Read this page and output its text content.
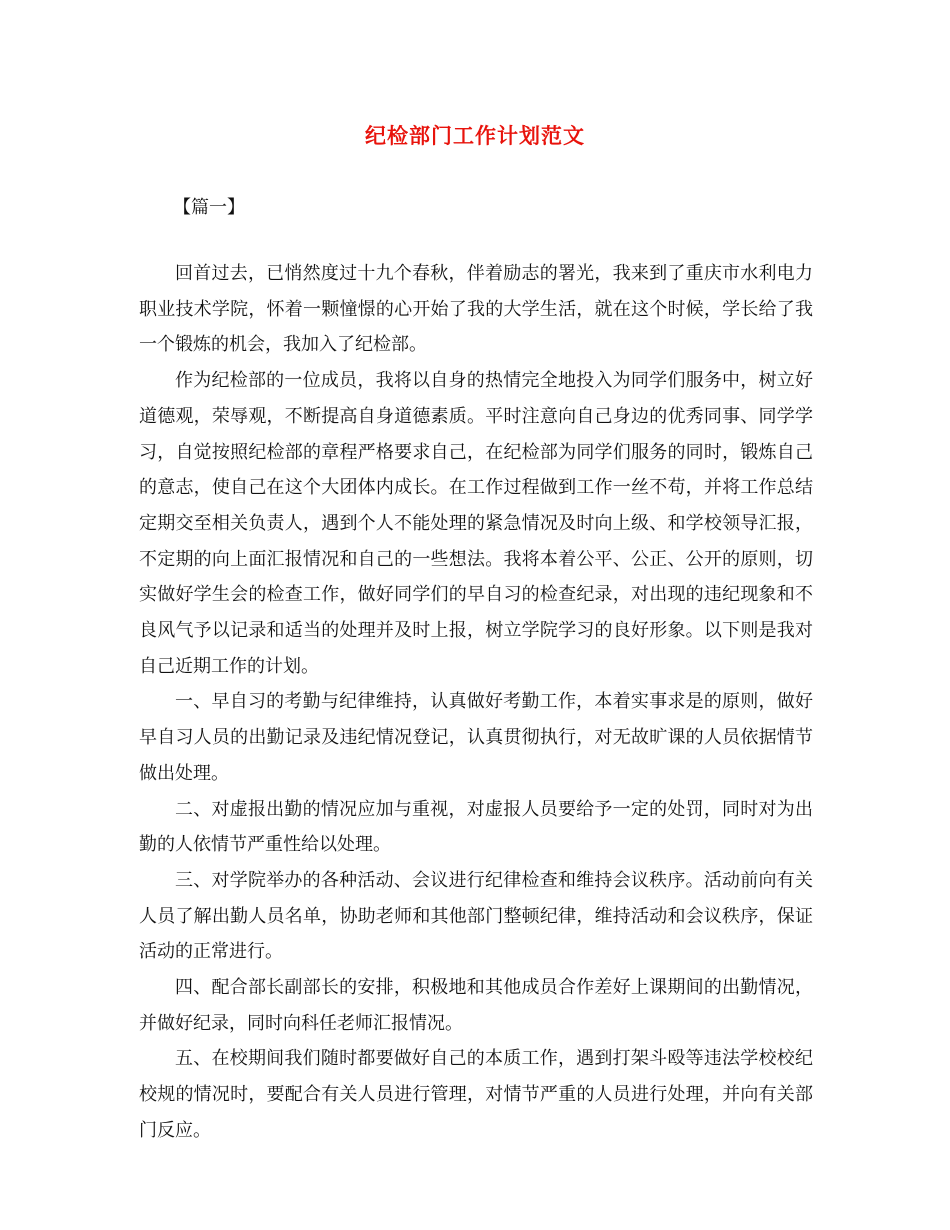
纪检部门工作计划范文
【篇一】

回首过去，已悄然度过十九个春秋，伴着励志的署光，我来到了重庆市水利电力职业技术学院，怀着一颗憧憬的心开始了我的大学生活，就在这个时候，学长给了我一个锻炼的机会，我加入了纪检部。

作为纪检部的一位成员，我将以自身的热情完全地投入为同学们服务中，树立好道德观，荣辱观，不断提高自身道德素质。平时注意向自己身边的优秀同事、同学学习，自觉按照纪检部的章程严格要求自己，在纪检部为同学们服务的同时，锻炼自己的意志，使自己在这个大团体内成长。在工作过程做到工作一丝不苟，并将工作总结定期交至相关负责人，遇到个人不能处理的紧急情况及时向上级、和学校领导汇报，不定期的向上面汇报情况和自己的一些想法。我将本着公平、公正、公开的原则，切实做好学生会的检查工作，做好同学们的早自习的检查纪录，对出现的违纪现象和不良风气予以记录和适当的处理并及时上报，树立学院学习的良好形象。以下则是我对自己近期工作的计划。

一、早自习的考勤与纪律维持，认真做好考勤工作，本着实事求是的原则，做好早自习人员的出勤记录及违纪情况登记，认真贯彻执行，对无故旷课的人员依据情节做出处理。

二、对虚报出勤的情况应加与重视，对虚报人员要给予一定的处罚，同时对为出勤的人依情节严重性给以处理。

三、对学院举办的各种活动、会议进行纪律检查和维持会议秩序。活动前向有关人员了解出勤人员名单，协助老师和其他部门整顿纪律，维持活动和会议秩序，保证活动的正常进行。

四、配合部长副部长的安排，积极地和其他成员合作差好上课期间的出勤情况，并做好纪录，同时向科任老师汇报情况。

五、在校期间我们随时都要做好自己的本质工作，遇到打架斗殴等违法学校校纪校规的情况时，要配合有关人员进行管理，对情节严重的人员进行处理，并向有关部门反应。
